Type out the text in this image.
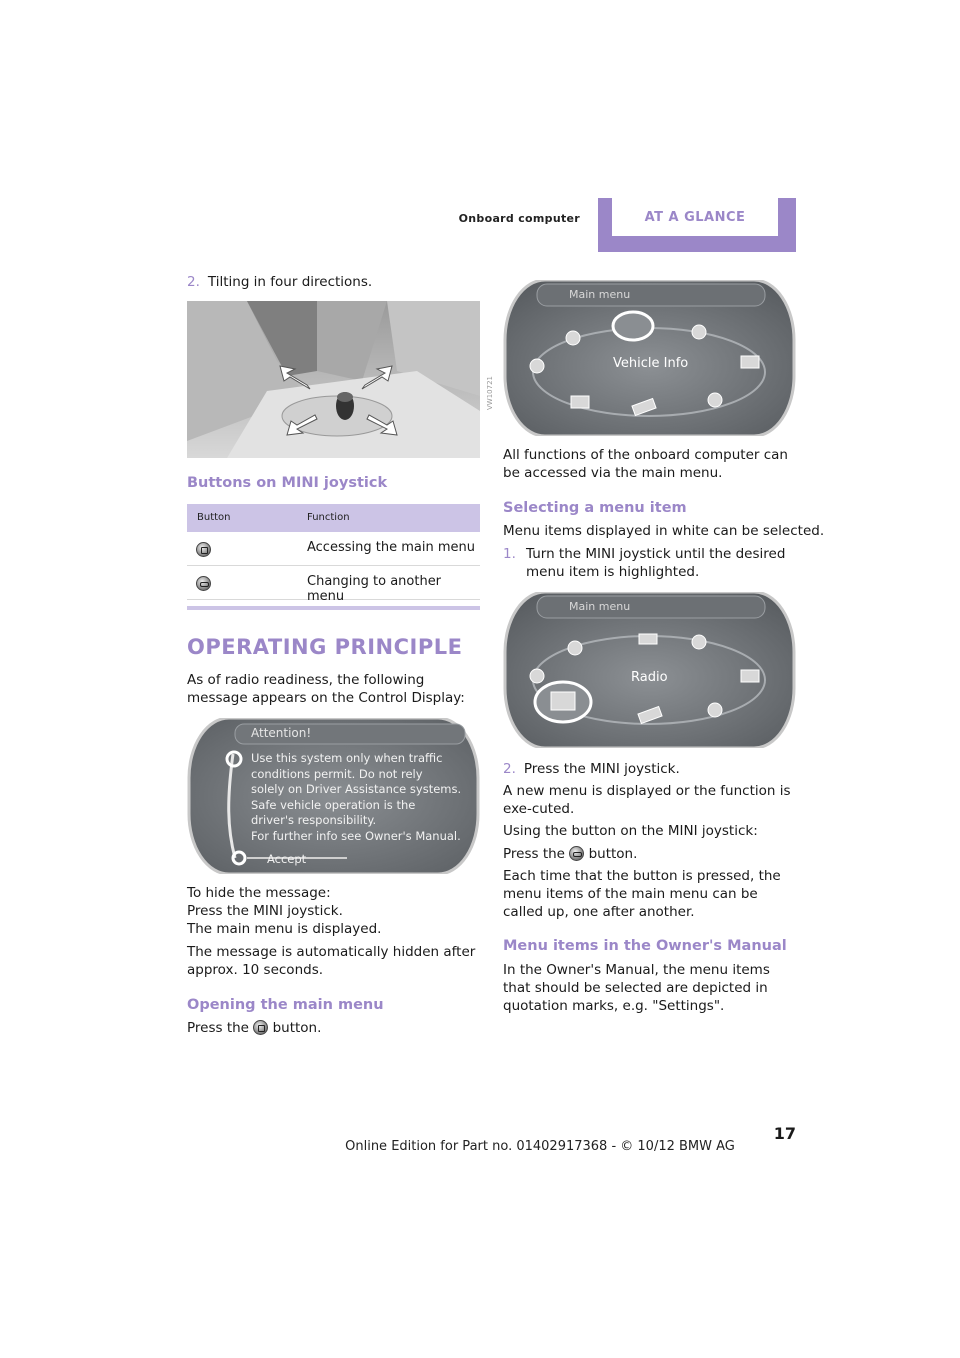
Onboard computer	AT A GLANCE

2. Tilting in four directions.

VW10721
Buttons on MINI joystick
Button	Function
Accessing the main menu
Changing to another menu
OPERATING PRINCIPLE

As of radio readiness, the following message appears on the Control Display:

Attention!
Use this system only when traffic
conditions permit. Do not rely
solely on Driver Assistance systems.
Safe vehicle operation is the
driver's responsibility.
For further info see Owner's Manual.
Accept

To hide the message:

Press the MINI joystick.

The main menu is displayed.

The message is automatically hidden after approx. 10 seconds.

Opening the main menu

Press the button.

Main menu
Vehicle Info

All functions of the onboard computer can be accessed via the main menu.

Selecting a menu item

Menu items displayed in white can be selected.

1. Turn the MINI joystick until the desired menu item is highlighted.
Main menu
Radio

2. Press the MINI joystick.

A new menu is displayed or the function is exe-cuted.

Using the button on the MINI joystick:

Press the button.

Each time that the button is pressed, the menu items of the main menu can be called up, one after another.

Menu items in the Owner's Manual

In the Owner's Manual, the menu items that should be selected are depicted in quotation marks, e.g. "Settings".

17
Online Edition for Part no. 01402917368 - © 10/12 BMW AG
